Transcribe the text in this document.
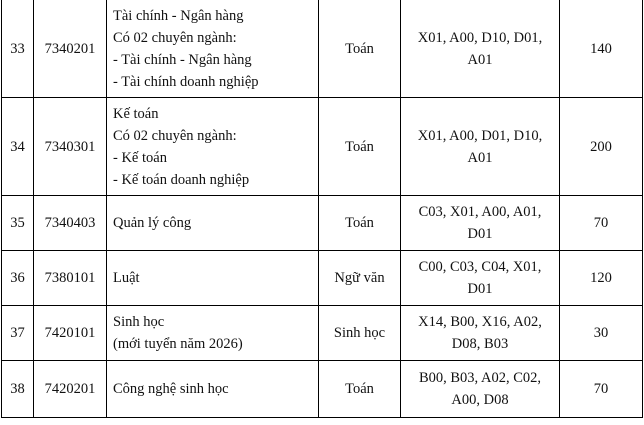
33	7340201	Tài chính - Ngân hàng
Có 02 chuyên ngành:
- Tài chính - Ngân hàng
- Tài chính doanh nghiệp	Toán	X01, A00, D10, D01,
A01	140
34	7340301	Kế toán
Có 02 chuyên ngành:
- Kế toán
- Kế toán doanh nghiệp	Toán	X01, A00, D01, D10,
A01	200
35	7340403	Quản lý công	Toán	C03, X01, A00, A01,
D01	70
36	7380101	Luật	Ngữ văn	C00, C03, C04, X01,
D01	120
37	7420101	Sinh học
(mới tuyển năm 2026)	Sinh học	X14, B00, X16, A02,
D08, B03	30
38	7420201	Công nghệ sinh học	Toán	B00, B03, A02, C02,
A00, D08	70
